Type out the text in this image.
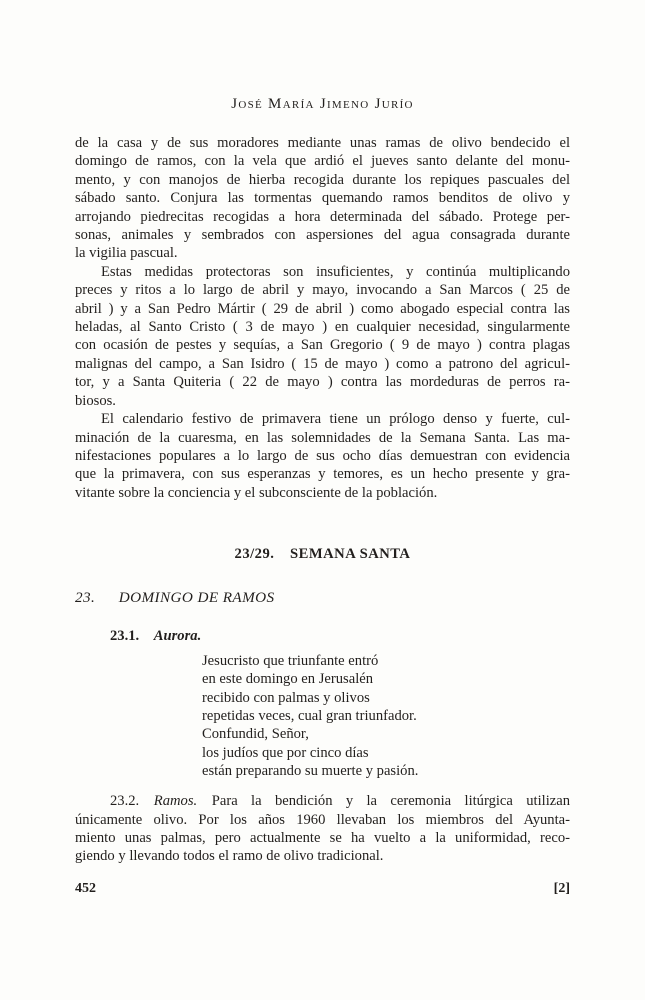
José María Jimeno Jurío
de la casa y de sus moradores mediante unas ramas de olivo bendecido el
domingo de ramos, con la vela que ardió el jueves santo delante del monu-
mento, y con manojos de hierba recogida durante los repiques pascuales del
sábado santo. Conjura las tormentas quemando ramos benditos de olivo y
arrojando piedrecitas recogidas a hora determinada del sábado. Protege per-
sonas, animales y sembrados con aspersiones del agua consagrada durante
la vigilia pascual.
Estas medidas protectoras son insuficientes, y continúa multiplicando
preces y ritos a lo largo de abril y mayo, invocando a San Marcos ( 25 de
abril ) y a San Pedro Mártir ( 29 de abril ) como abogado especial contra las
heladas, al Santo Cristo ( 3 de mayo ) en cualquier necesidad, singularmente
con ocasión de pestes y sequías, a San Gregorio ( 9 de mayo ) contra plagas
malignas del campo, a San Isidro ( 15 de mayo ) como a patrono del agricul-
tor, y a Santa Quiteria ( 22 de mayo ) contra las mordeduras de perros ra-
biosos.
El calendario festivo de primavera tiene un prólogo denso y fuerte, cul-
minación de la cuaresma, en las solemnidades de la Semana Santa. Las ma-
nifestaciones populares a lo largo de sus ocho días demuestran con evidencia
que la primavera, con sus esperanzas y temores, es un hecho presente y gra-
vitante sobre la conciencia y el subconsciente de la población.
23/29.  SEMANA SANTA
23.  DOMINGO DE RAMOS
23.1.  Aurora.
Jesucristo que triunfante entró
en este domingo en Jerusalén
recibido con palmas y olivos
repetidas veces, cual gran triunfador.
Confundid, Señor,
los judíos que por cinco días
están preparando su muerte y pasión.
23.2.  Ramos.  Para la bendición y la ceremonia litúrgica utilizan
únicamente olivo. Por los años 1960 llevaban los miembros del Ayunta-
miento unas palmas, pero actualmente se ha vuelto a la uniformidad, reco-
giendo y llevando todos el ramo de olivo tradicional.
452	[2]
